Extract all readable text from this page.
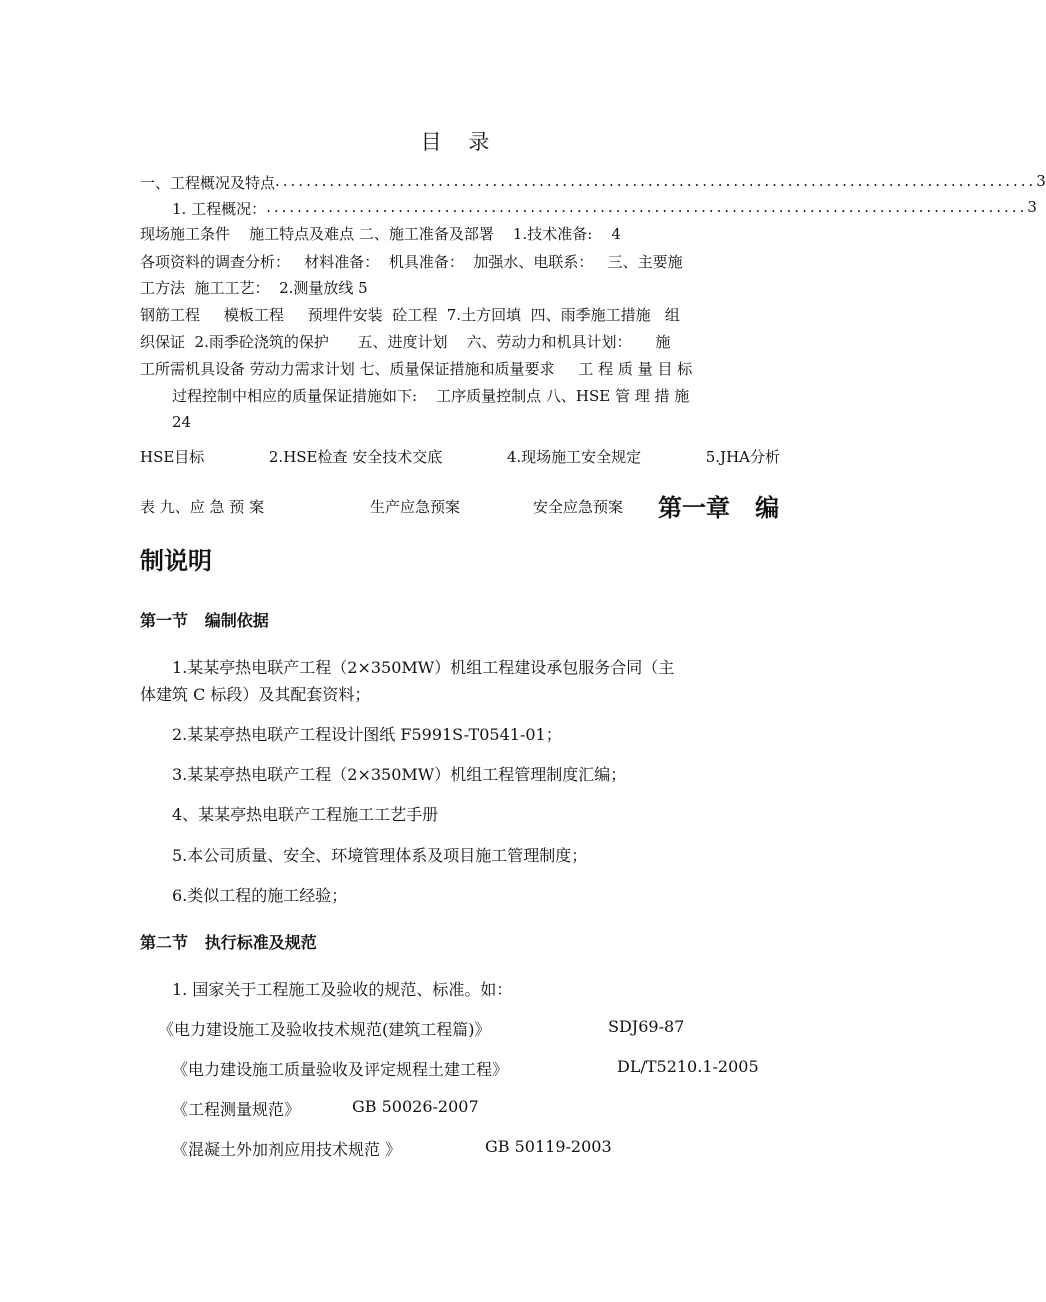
目 录
一、工程概况及特点 .................................................................................................. 3
1. 工程概况： .................................................................................................. 3
现场施工条件    施工特点及难点 二、施工准备及部署    1.技术准备:    4
各项资料的调查分析：   材料准备：  机具准备：  加强水、电联系：   三、主要施
工方法  施工工艺：  2.测量放线 5
钢筋工程     模板工程     预埋件安装  砼工程  7.土方回填  四、雨季施工措施   组
织保证  2.雨季砼浇筑的保护      五、进度计划    六、劳动力和机具计划：     施
工所需机具设备 劳动力需求计划 七、质量保证措施和质量要求     工 程 质 量 目 标
过程控制中相应的质量保证措施如下:    工序质量控制点 八、HSE 管 理 措 施
24
HSE目标	2.HSE检查 安全技术交底	4.现场施工安全规定	5.JHA分析
表 九、应 急 预 案	生产应急预案	安全应急预案 第一章   编
制说明
第一节   编制依据
1.某某亭热电联产工程（2×350MW）机组工程建设承包服务合同（主
体建筑 C 标段）及其配套资料；
2.某某亭热电联产工程设计图纸 F5991S-T0541-01；
3.某某亭热电联产工程（2×350MW）机组工程管理制度汇编；
4、某某亭热电联产工程施工工艺手册
5.本公司质量、安全、环境管理体系及项目施工管理制度；
6.类似工程的施工经验；
第二节   执行标准及规范
1. 国家关于工程施工及验收的规范、标准。如：
《电力建设施工及验收技术规范(建筑工程篇)》	SDJ69-87
《电力建设施工质量验收及评定规程土建工程》	DL/T5210.1-2005
《工程测量规范》	GB 50026-2007
《混凝土外加剂应用技术规范 》	GB 50119-2003
